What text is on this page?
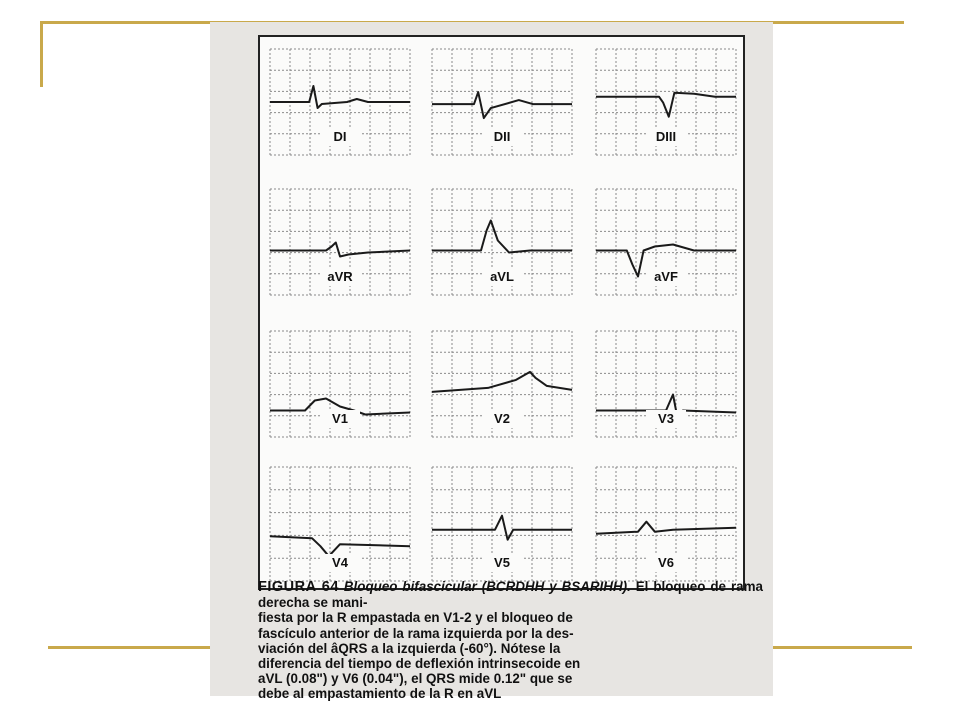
DI	DII	DIII
aVR	aVL	aVF
V1	V2	V3
V4	V5	V6
FIGURA 64 Bloqueo bifascicular (BCRDHH y BSARIHH). El bloqueo de rama derecha se mani-
fiesta por la R empastada en V1-2 y el bloqueo de
fascículo anterior de la rama izquierda por la des-
viación del âQRS a la izquierda (-60°). Nótese la
diferencia del tiempo de deflexión intrinsecoide en
aVL (0.08") y V6 (0.04"), el QRS mide 0.12" que se
debe al empastamiento de la R en aVL
